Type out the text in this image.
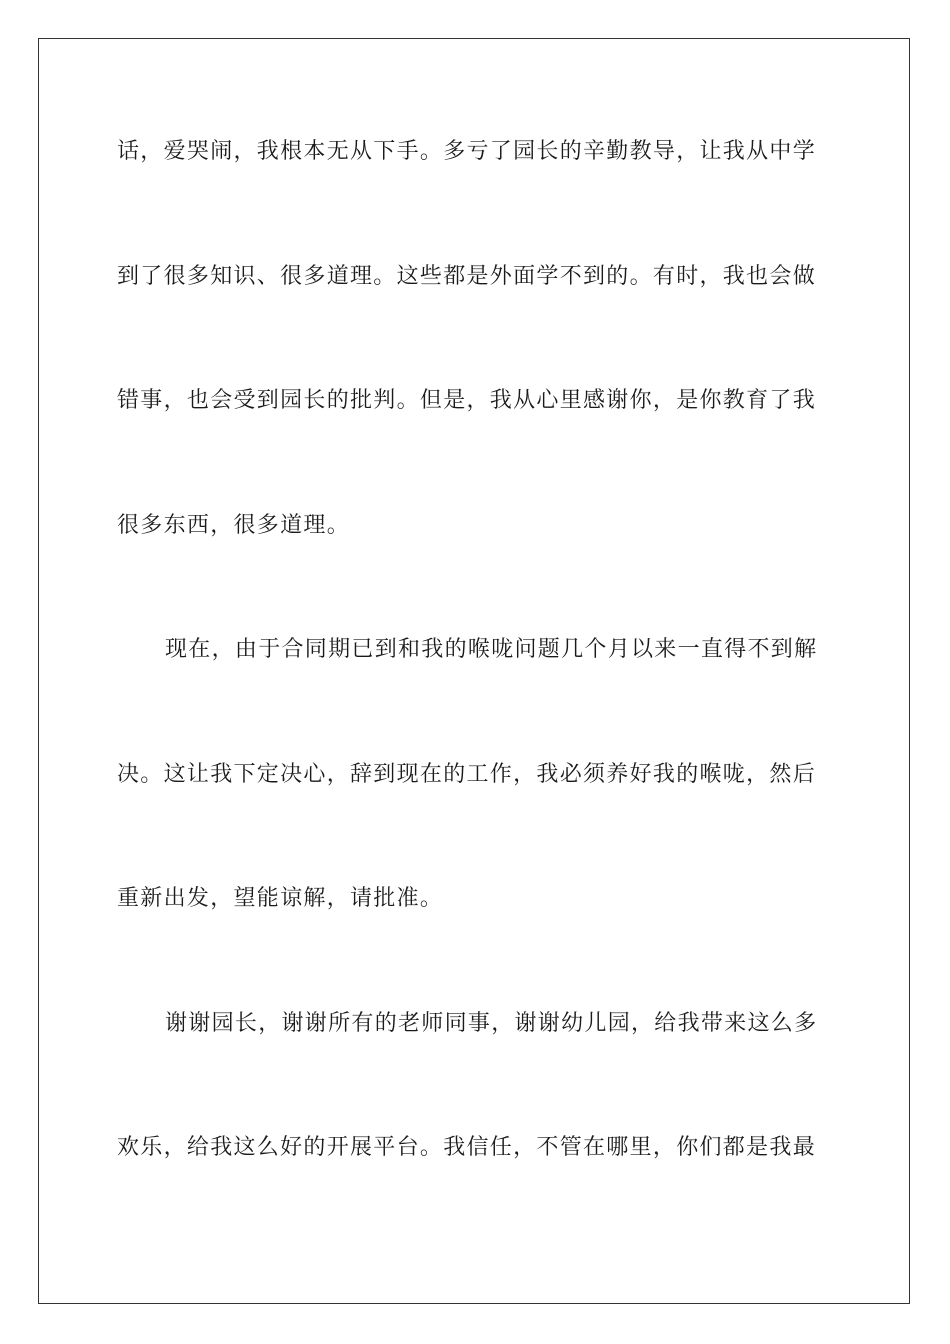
话，爱哭闹，我根本无从下手。多亏了园长的辛勤教导，让我从中学
到了很多知识、很多道理。这些都是外面学不到的。有时，我也会做
错事，也会受到园长的批判。但是，我从心里感谢你，是你教育了我
很多东西，很多道理。
现在，由于合同期已到和我的喉咙问题几个月以来一直得不到解
决。这让我下定决心，辞到现在的工作，我必须养好我的喉咙，然后
重新出发，望能谅解，请批准。
谢谢园长，谢谢所有的老师同事，谢谢幼儿园，给我带来这么多
欢乐，给我这么好的开展平台。我信任，不管在哪里，你们都是我最
